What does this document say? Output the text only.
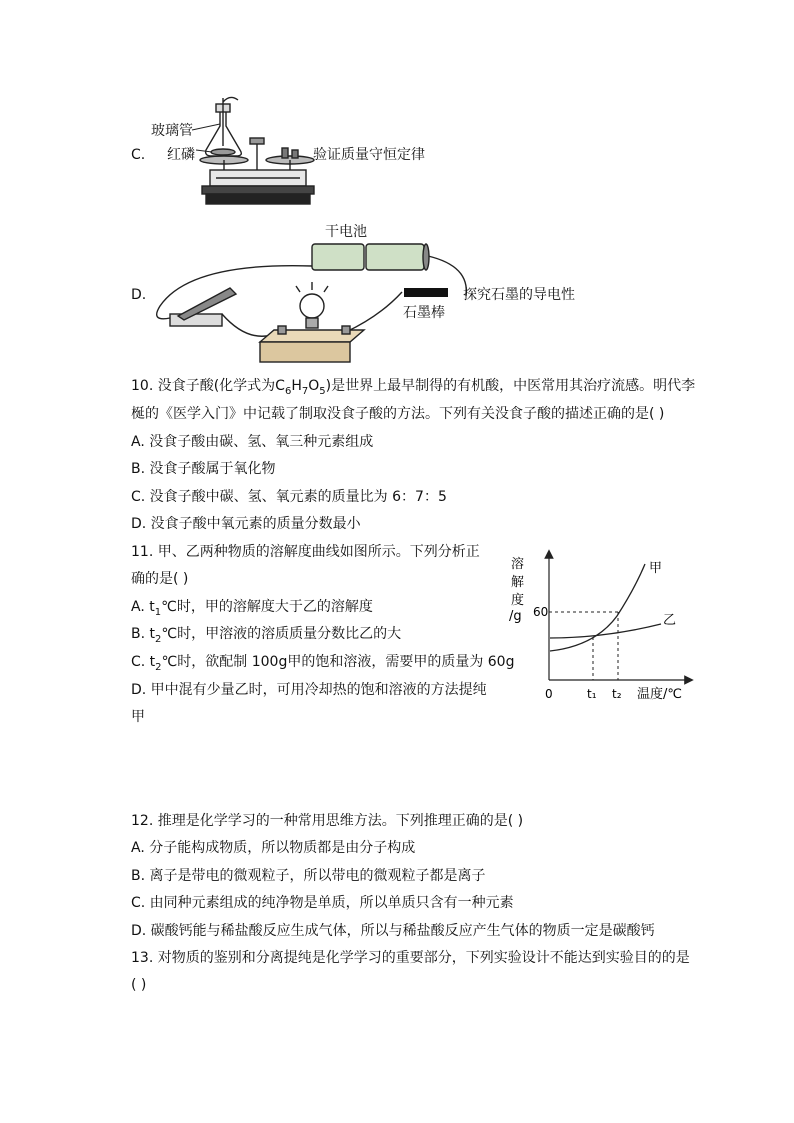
C.
玻璃管
红磷	验证质量守恒定律
D.
干电池
探究石墨的导电性
石墨棒
10. 没食子酸(化学式为$C_6H_7O_5$)是世界上最早制得的有机酸，中医常用其治疗流感。明代李
梴的《医学入门》中记载了制取没食子酸的方法。下列有关没食子酸的描述正确的是( )
A. 没食子酸由碳、氢、氧三种元素组成
B. 没食子酸属于氧化物
C. 没食子酸中碳、氢、氧元素的质量比为 6：7：5
D. 没食子酸中氧元素的质量分数最小
11. 甲、乙两种物质的溶解度曲线如图所示。下列分析正
确的是( )
A. $t_1℃$时，甲的溶解度大于乙的溶解度
B. $t_2℃$时，甲溶液的溶质质量分数比乙的大
C. $t_2℃$时，欲配制 100g甲的饱和溶液，需要甲的质量为 60g
D. 甲中混有少量乙时，可用冷却热的饱和溶液的方法提纯
甲
溶
解
度
/g 60
0	t₁ t₂ 温度/℃
甲
乙
12. 推理是化学学习的一种常用思维方法。下列推理正确的是( )
A. 分子能构成物质，所以物质都是由分子构成
B. 离子是带电的微观粒子，所以带电的微观粒子都是离子
C. 由同种元素组成的纯净物是单质，所以单质只含有一种元素
D. 碳酸钙能与稀盐酸反应生成气体，所以与稀盐酸反应产生气体的物质一定是碳酸钙
13. 对物质的鉴别和分离提纯是化学学习的重要部分，下列实验设计不能达到实验目的的是
( )
